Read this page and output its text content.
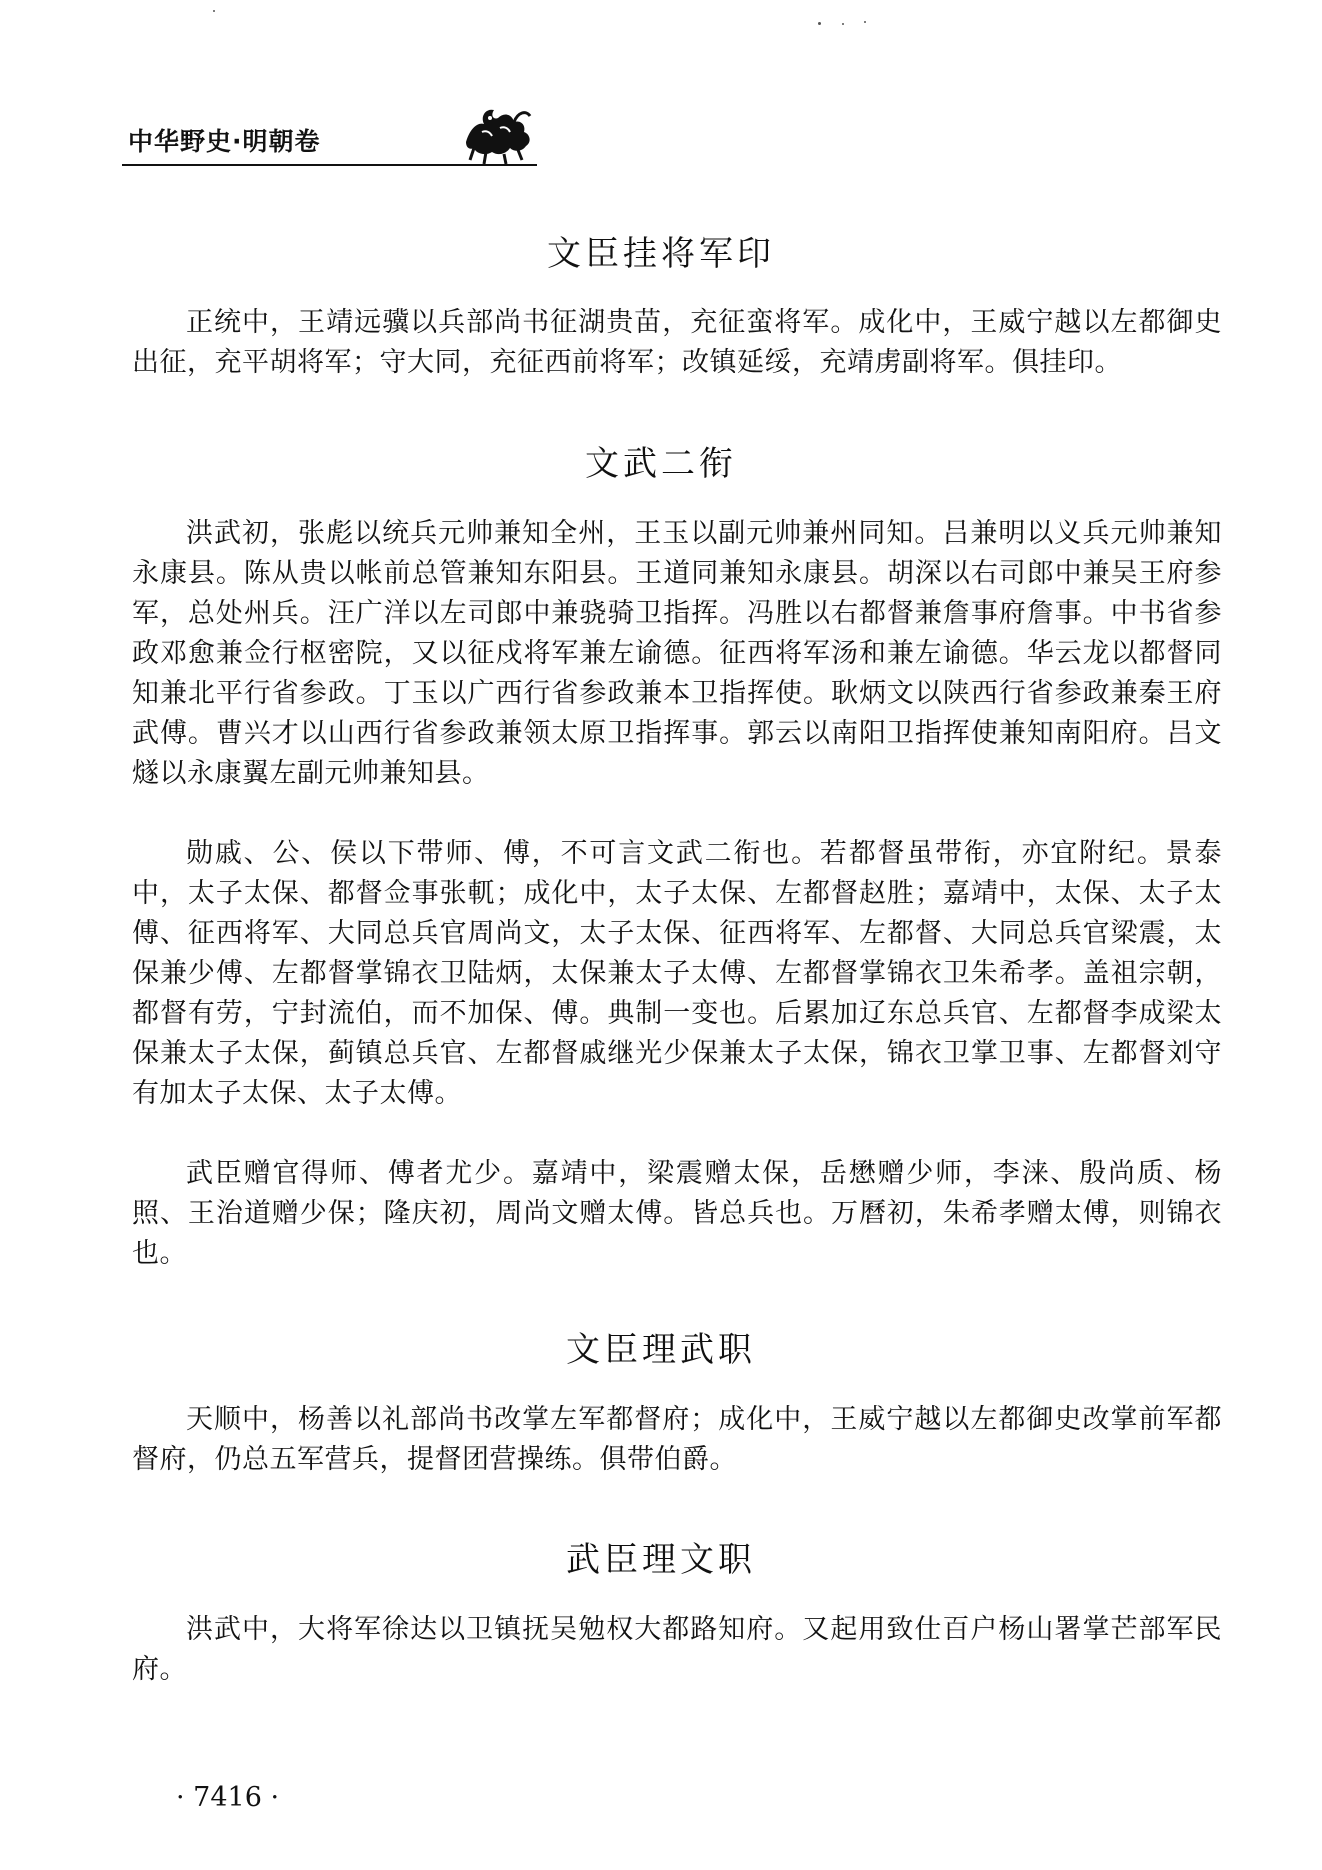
中华野史·明朝卷
文臣挂将军印

正统中，王靖远骥以兵部尚书征湖贵苗，充征蛮将军。成化中，王威宁越以左都御史出征，充平胡将军；守大同，充征西前将军；改镇延绥，充靖虏副将军。俱挂印。

文武二衔

洪武初，张彪以统兵元帅兼知全州，王玉以副元帅兼州同知。吕兼明以义兵元帅兼知永康县。陈从贵以帐前总管兼知东阳县。王道同兼知永康县。胡深以右司郎中兼吴王府参军，总处州兵。汪广洋以左司郎中兼骁骑卫指挥。冯胜以右都督兼詹事府詹事。中书省参政邓愈兼佥行枢密院，又以征戍将军兼左谕德。征西将军汤和兼左谕德。华云龙以都督同知兼北平行省参政。丁玉以广西行省参政兼本卫指挥使。耿炳文以陕西行省参政兼秦王府武傅。曹兴才以山西行省参政兼领太原卫指挥事。郭云以南阳卫指挥使兼知南阳府。吕文燧以永康翼左副元帅兼知县。

勋戚、公、侯以下带师、傅，不可言文武二衔也。若都督虽带衔，亦宜附纪。景泰中，太子太保、都督佥事张軏；成化中，太子太保、左都督赵胜；嘉靖中，太保、太子太傅、征西将军、大同总兵官周尚文，太子太保、征西将军、左都督、大同总兵官梁震，太保兼少傅、左都督掌锦衣卫陆炳，太保兼太子太傅、左都督掌锦衣卫朱希孝。盖祖宗朝，都督有劳，宁封流伯，而不加保、傅。典制一变也。后累加辽东总兵官、左都督李成梁太保兼太子太保，蓟镇总兵官、左都督戚继光少保兼太子太保，锦衣卫掌卫事、左都督刘守有加太子太保、太子太傅。

武臣赠官得师、傅者尤少。嘉靖中，梁震赠太保，岳懋赠少师，李涞、殷尚质、杨照、王治道赠少保；隆庆初，周尚文赠太傅。皆总兵也。万曆初，朱希孝赠太傅，则锦衣也。

文臣理武职

天顺中，杨善以礼部尚书改掌左军都督府；成化中，王威宁越以左都御史改掌前军都督府，仍总五军营兵，提督团营操练。俱带伯爵。

武臣理文职

洪武中，大将军徐达以卫镇抚吴勉权大都路知府。又起用致仕百户杨山署掌芒部军民府。

· 7416 ·
